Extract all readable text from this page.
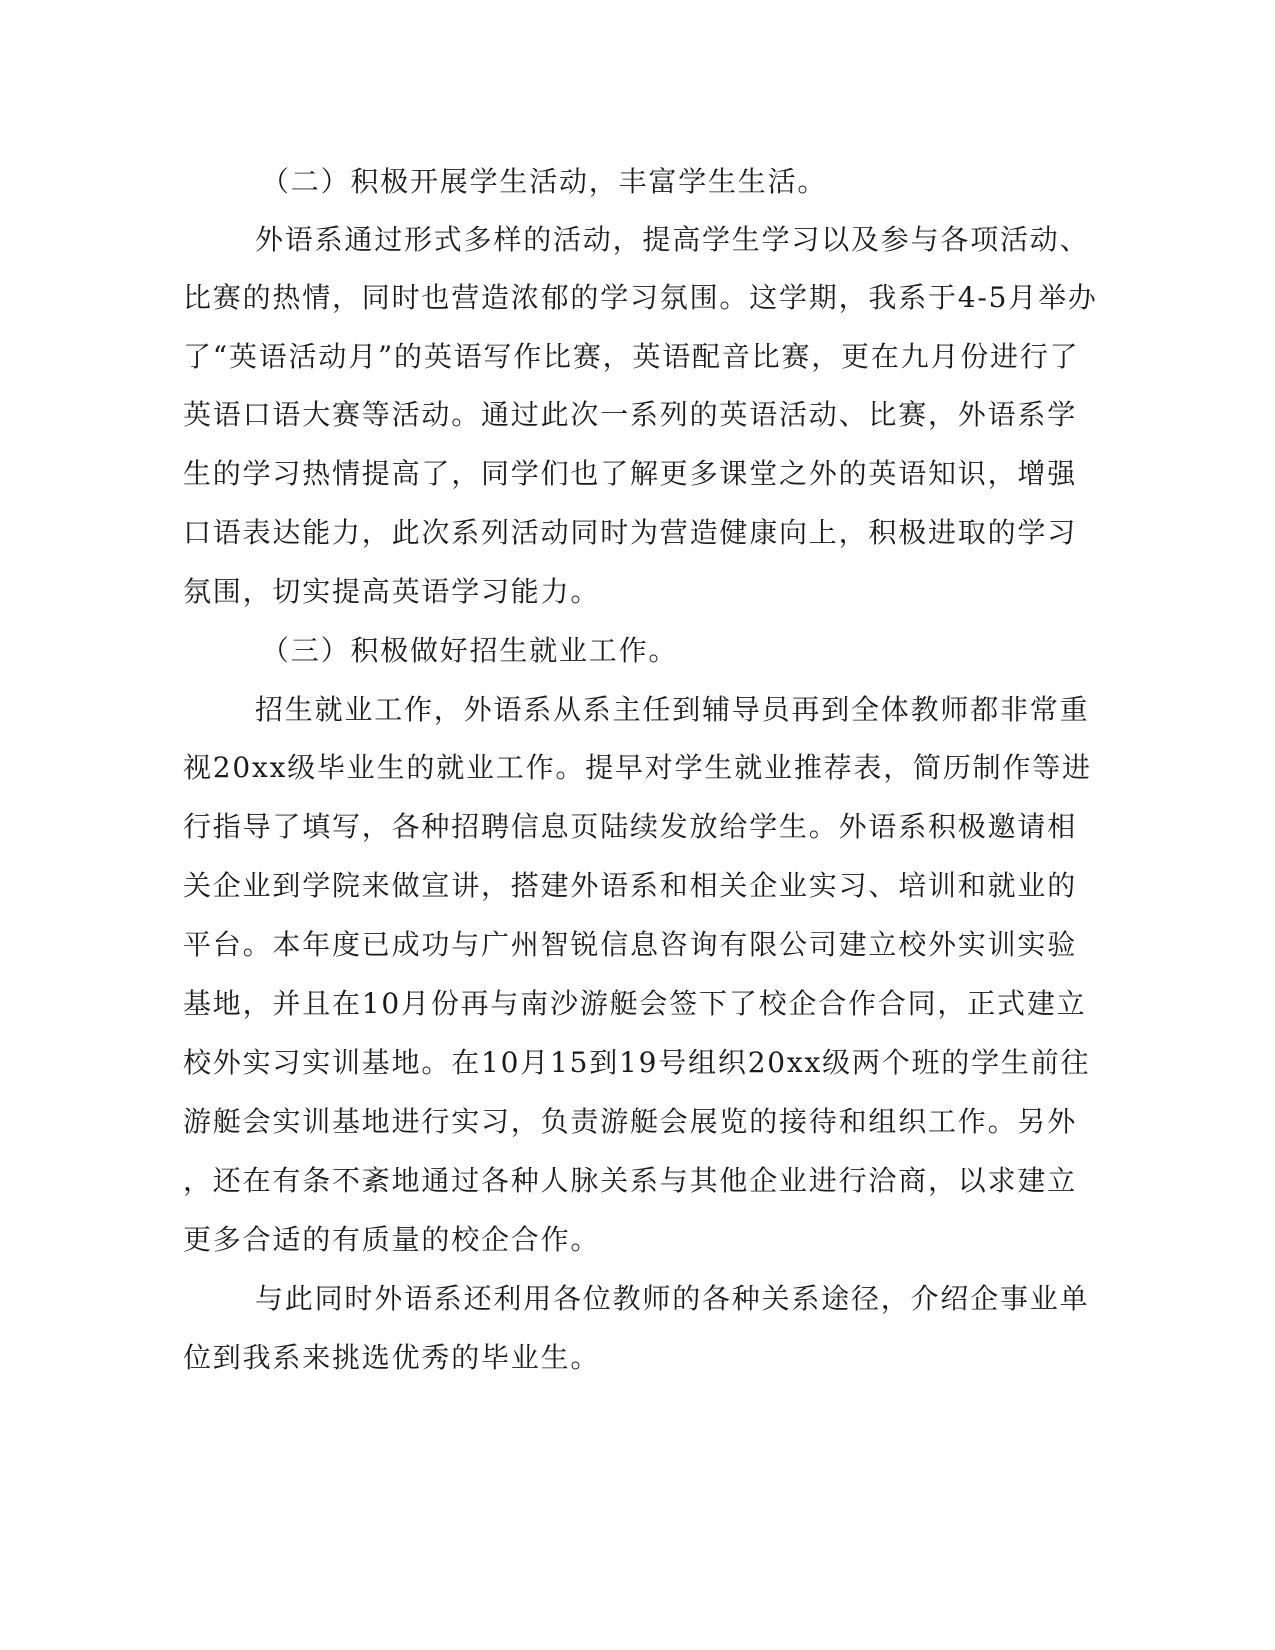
（二）积极开展学生活动，丰富学生生活。
外语系通过形式多样的活动，提高学生学习以及参与各项活动、
比赛的热情，同时也营造浓郁的学习氛围。这学期，我系于4-5月举办
了“英语活动月”的英语写作比赛，英语配音比赛，更在九月份进行了
英语口语大赛等活动。通过此次一系列的英语活动、比赛，外语系学
生的学习热情提高了，同学们也了解更多课堂之外的英语知识，增强
口语表达能力，此次系列活动同时为营造健康向上，积极进取的学习
氛围，切实提高英语学习能力。
（三）积极做好招生就业工作。
招生就业工作，外语系从系主任到辅导员再到全体教师都非常重
视20xx级毕业生的就业工作。提早对学生就业推荐表，简历制作等进
行指导了填写，各种招聘信息页陆续发放给学生。外语系积极邀请相
关企业到学院来做宣讲，搭建外语系和相关企业实习、培训和就业的
平台。本年度已成功与广州智锐信息咨询有限公司建立校外实训实验
基地，并且在10月份再与南沙游艇会签下了校企合作合同，正式建立
校外实习实训基地。在10月15到19号组织20xx级两个班的学生前往
游艇会实训基地进行实习，负责游艇会展览的接待和组织工作。另外
，还在有条不紊地通过各种人脉关系与其他企业进行洽商，以求建立
更多合适的有质量的校企合作。
与此同时外语系还利用各位教师的各种关系途径，介绍企事业单
位到我系来挑选优秀的毕业生。
